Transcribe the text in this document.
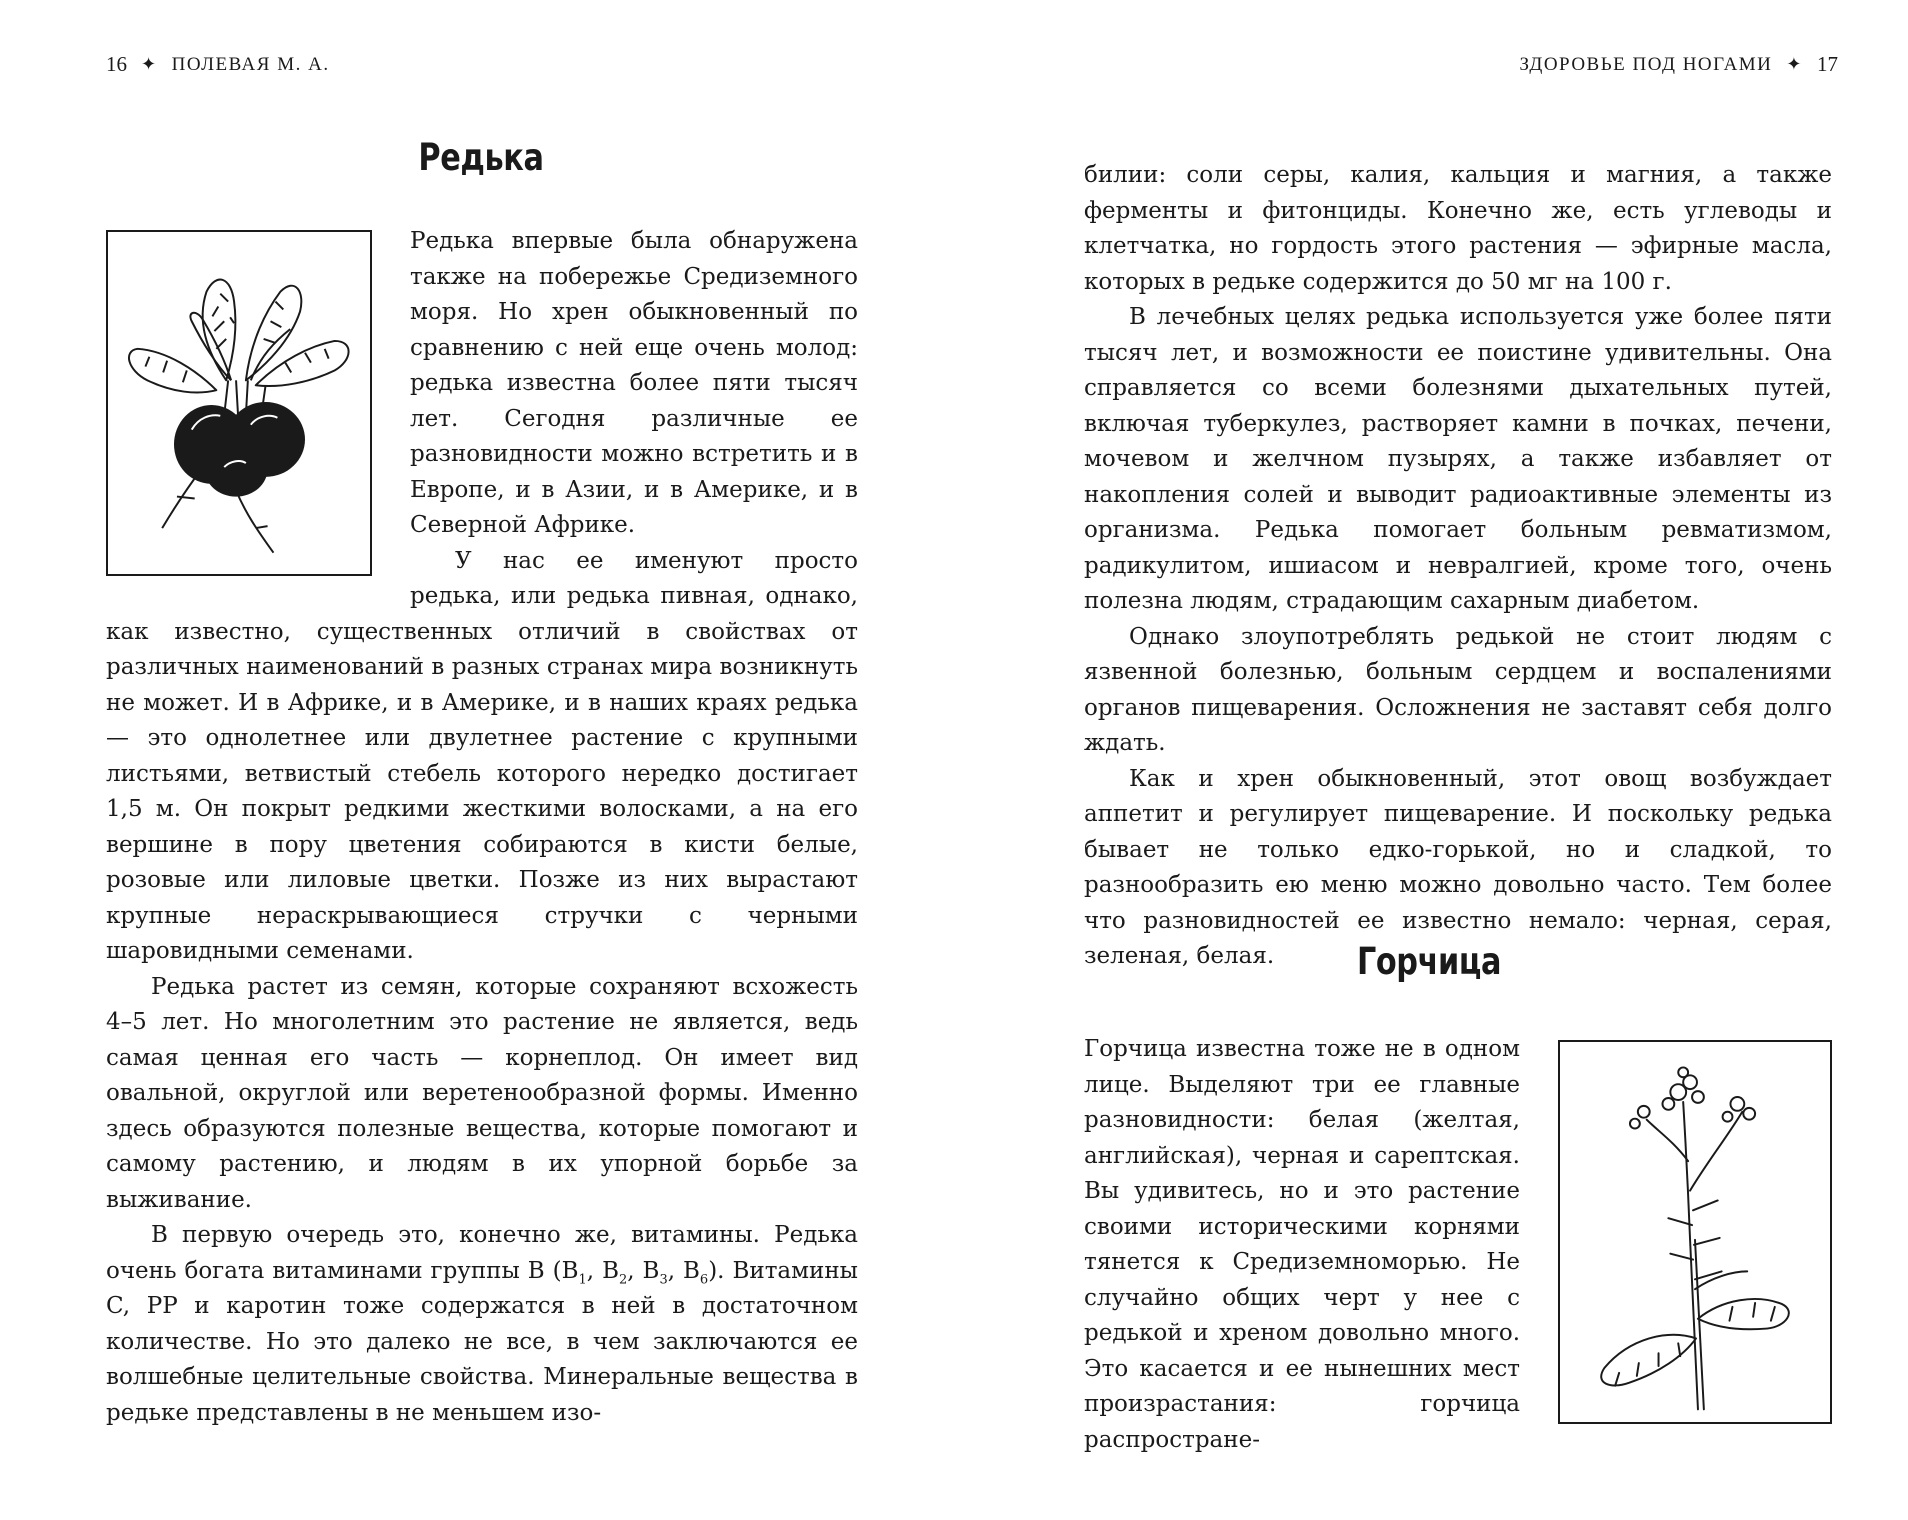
16 ✦ ПОЛЕВАЯ М. А.
Редька

Редька впервые была обнаружена также на побережье Средиземного моря. Но хрен обыкновенный по сравнению с ней еще очень молод: редька известна более пяти тысяч лет. Сегодня различные ее разновидности можно встретить и в Европе, и в Азии, и в Америке, и в Северной Африке.

У нас ее именуют просто редька, или редька пивная, однако, как известно, существенных отличий в свойствах от различных наименований в разных странах мира возникнуть не может. И в Африке, и в Америке, и в наших краях редька — это однолетнее или двулетнее растение с крупными листьями, ветвистый стебель которого нередко достигает 1,5 м. Он покрыт редкими жесткими волосками, а на его вершине в пору цветения собираются в кисти белые, розовые или лиловые цветки. Позже из них вырастают крупные нераскрывающиеся стручки с черными шаровидными семенами.

Редька растет из семян, которые сохраняют всхожесть 4–5 лет. Но многолетним это растение не является, ведь самая ценная его часть — корнеплод. Он имеет вид овальной, округлой или веретенообразной формы. Именно здесь образуются полезные вещества, которые помогают и самому растению, и людям в их упорной борьбе за выживание.

В первую очередь это, конечно же, витамины. Редька очень богата витаминами группы B ($B_1$, $B_2$, $B_3$, $B_6$). Витамины C, PP и каротин тоже содержатся в ней в достаточном количестве. Но это далеко не все, в чем заключаются ее волшебные целительные свойства. Минеральные вещества в редьке представлены в не меньшем изо-

ЗДОРОВЬЕ ПОД НОГАМИ ✦ 17

билии: соли серы, калия, кальция и магния, а также ферменты и фитонциды. Конечно же, есть углеводы и клетчатка, но гордость этого растения — эфирные масла, которых в редьке содержится до 50 мг на 100 г.

В лечебных целях редька используется уже более пяти тысяч лет, и возможности ее поистине удивительны. Она справляется со всеми болезнями дыхательных путей, включая туберкулез, растворяет камни в почках, печени, мочевом и желчном пузырях, а также избавляет от накопления солей и выводит радиоактивные элементы из организма. Редька помогает больным ревматизмом, радикулитом, ишиасом и невралгией, кроме того, очень полезна людям, страдающим сахарным диабетом.

Однако злоупотреблять редькой не стоит людям с язвенной болезнью, больным сердцем и воспалениями органов пищеварения. Осложнения не заставят себя долго ждать.

Как и хрен обыкновенный, этот овощ возбуждает аппетит и регулирует пищеварение. И поскольку редька бывает не только едко-горькой, но и сладкой, то разнообразить ею меню можно довольно часто. Тем более что разновидностей ее известно немало: черная, серая, зеленая, белая.	Горчица

Горчица известна тоже не в одном лице. Выделяют три ее главные разновидности: белая (желтая, английская), черная и сарептская. Вы удивитесь, но и это растение своими историческими корнями тянется к Средиземноморью. Не случайно общих черт у нее с редькой и хреном довольно много. Это касается и ее нынешних мест произрастания: горчица распростране-
